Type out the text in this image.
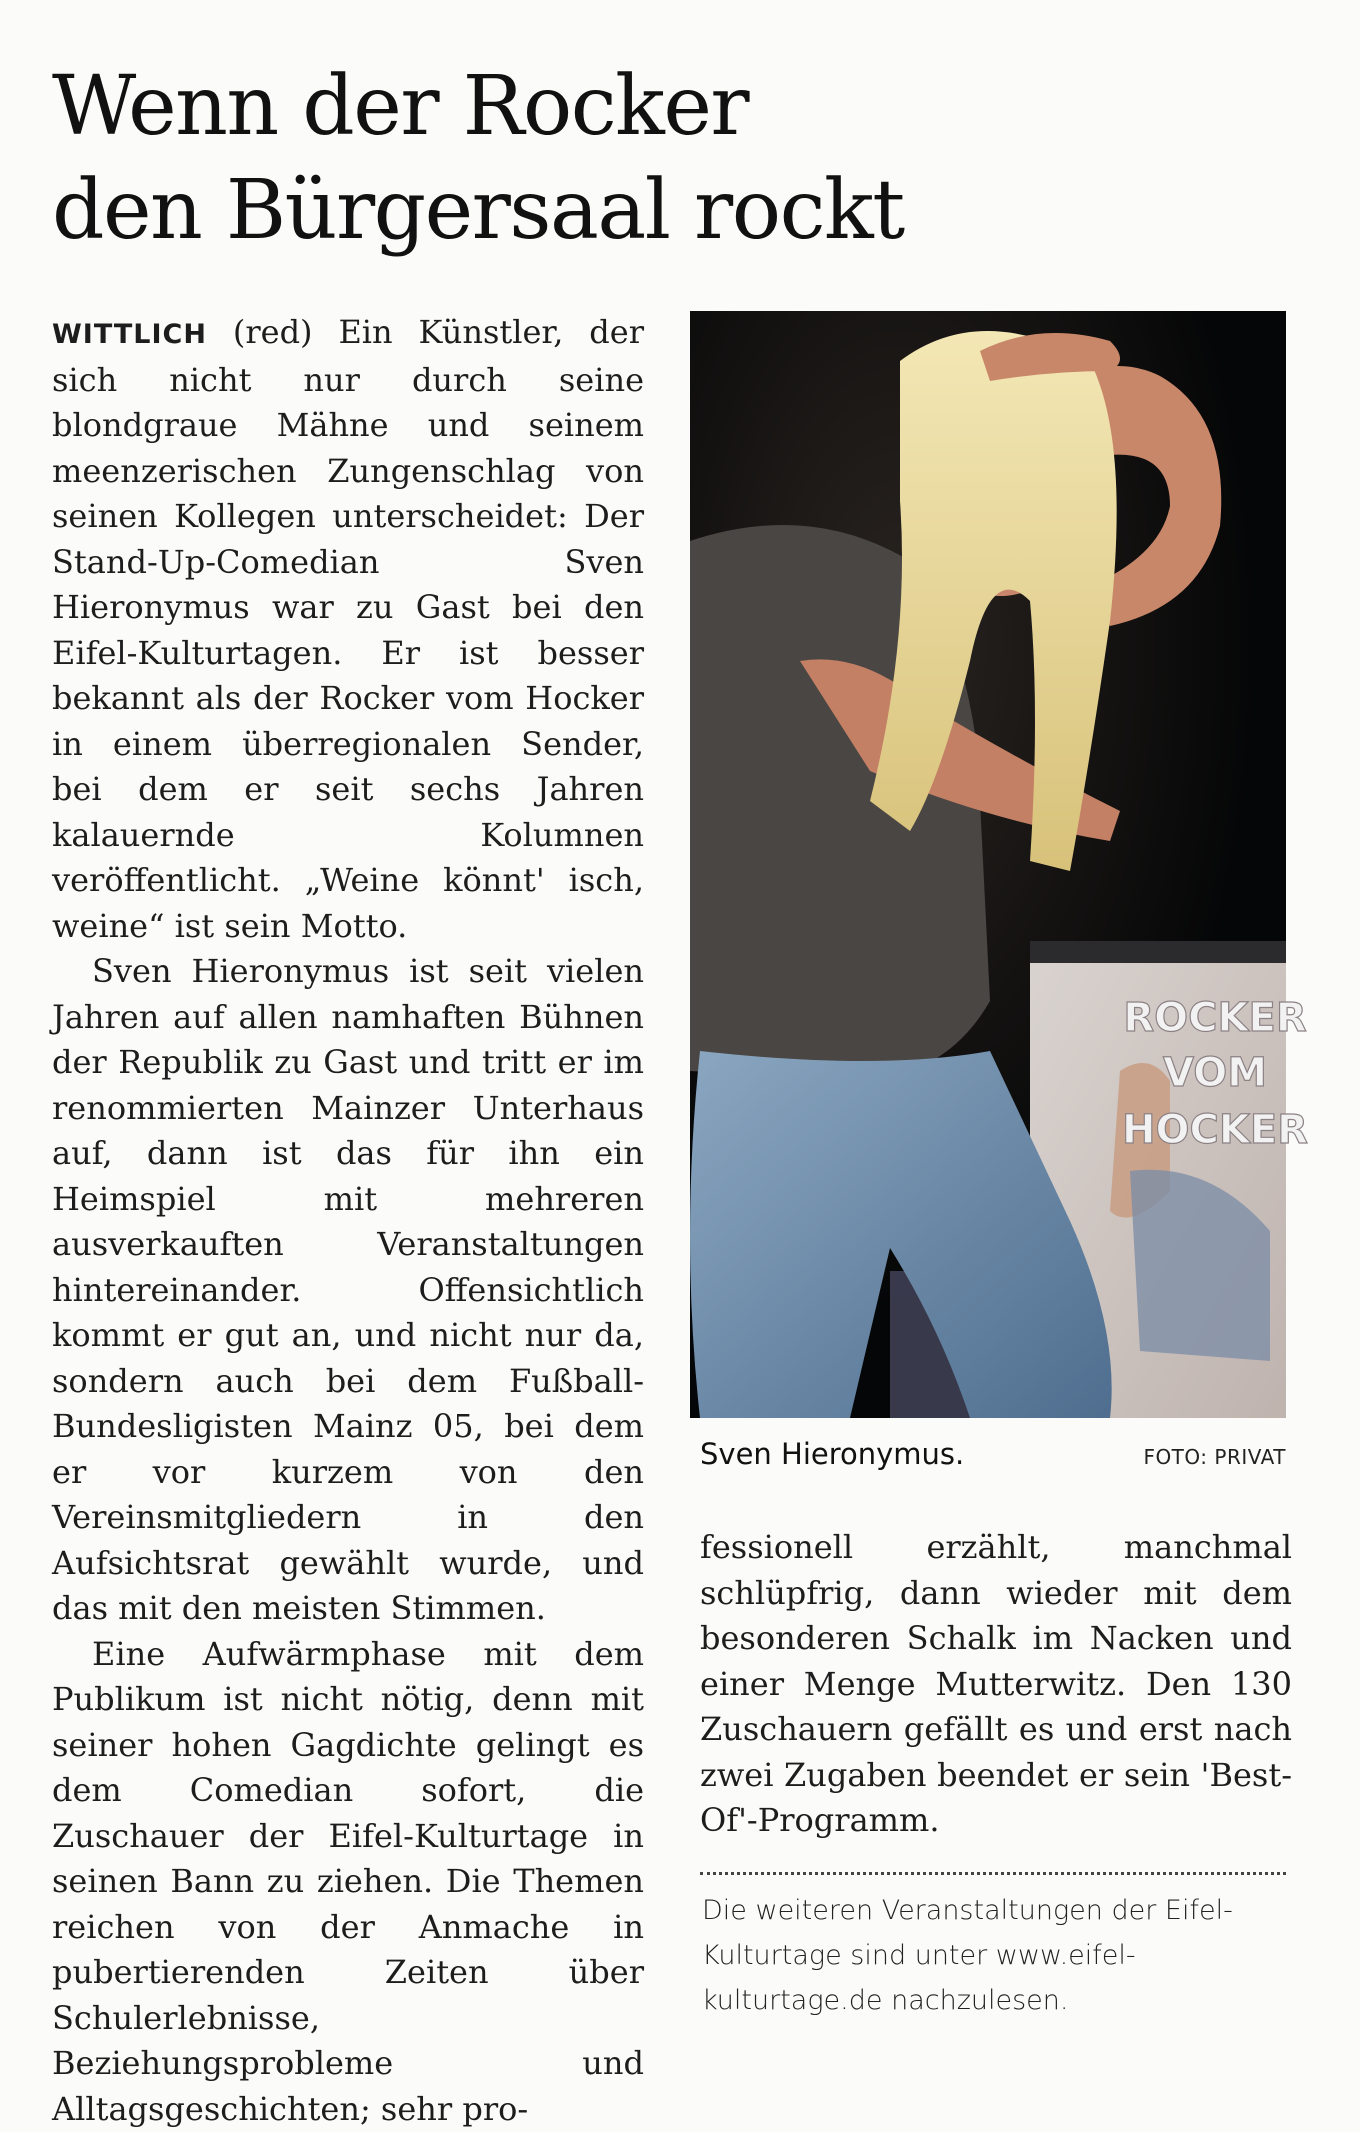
Wenn der Rocker
den Bürgersaal rockt

WITTLICH (red) Ein Künstler, der sich nicht nur durch seine blondgraue Mähne und seinem meenzerischen Zungenschlag von seinen Kollegen unterscheidet: Der Stand-Up-Comedian Sven Hieronymus war zu Gast bei den Eifel-Kulturtagen. Er ist besser bekannt als der Rocker vom Hocker in einem überregionalen Sender, bei dem er seit sechs Jahren kalauernde Kolumnen veröffentlicht. „Weine könnt' isch, weine“ ist sein Motto.

Sven Hieronymus ist seit vielen Jahren auf allen namhaften Bühnen der Republik zu Gast und tritt er im renommierten Mainzer Unterhaus auf, dann ist das für ihn ein Heimspiel mit mehreren ausverkauften Veranstaltungen hintereinander. Offensichtlich kommt er gut an, und nicht nur da, sondern auch bei dem Fußball-Bundesligisten Mainz 05, bei dem er vor kurzem von den Vereinsmitgliedern in den Aufsichtsrat gewählt wurde, und das mit den meisten Stimmen.

Eine Aufwärmphase mit dem Publikum ist nicht nötig, denn mit seiner hohen Gagdichte gelingt es dem Comedian sofort, die Zuschauer der Eifel-Kulturtage in seinen Bann zu ziehen. Die Themen reichen von der Anmache in pubertierenden Zeiten über Schulerlebnisse, Beziehungsprobleme und Alltagsgeschichten; sehr pro-

ROCKER
VOM
HOCKER
Sven Hieronymus.	FOTO: PRIVAT

fessionell erzählt, manchmal schlüpfrig, dann wieder mit dem besonderen Schalk im Nacken und einer Menge Mutterwitz. Den 130 Zuschauern gefällt es und erst nach zwei Zugaben beendet er sein 'Best-Of'-Programm.

Die weiteren Veranstaltungen der Eifel-Kulturtage sind unter www.eifel-kulturtage.de nachzulesen.
